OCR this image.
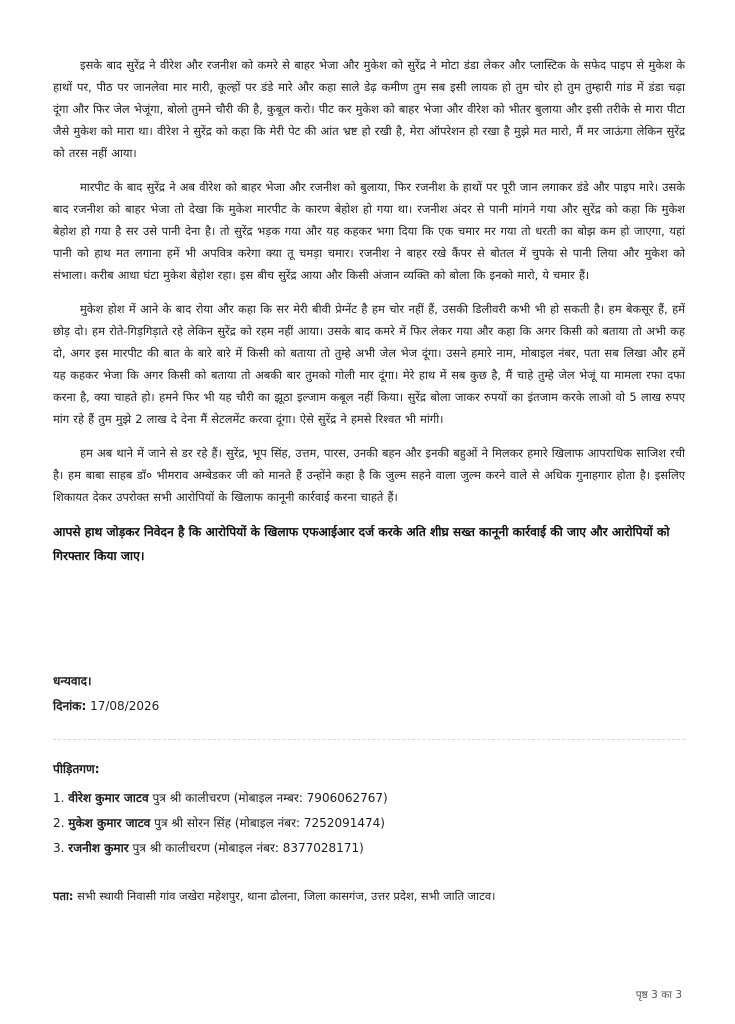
इसके बाद सुरेंद्र ने वीरेश और रजनीश को कमरे से बाहर भेजा और मुकेश को सुरेंद्र ने मोटा डंडा लेकर और प्लास्टिक के सफेद पाइप से मुकेश के हाथों पर, पीठ पर जानलेवा मार मारी, कूल्हों पर डंडे मारे और कहा साले डेढ़ कमीण तुम सब इसी लायक हो तुम चोर हो तुम तुम्हारी गांड में डंडा चढ़ा दूंगा और फिर जेल भेजूंगा, बोलो तुमने चौरी की है, कुबूल करो। पीट कर मुकेश को बाहर भेजा और वीरेश को भीतर बुलाया और इसी तरीके से मारा पीटा जैसे मुकेश को मारा था। वीरेश ने सुरेंद्र को कहा कि मेरी पेट की आंत भ्रष्ट हो रखी है, मेरा ऑपरेशन हो रखा है मुझे मत मारो, मैं मर जाऊंगा लेकिन सुरेंद्र को तरस नहीं आया।

मारपीट के बाद सुरेंद्र ने अब वीरेश को बाहर भेजा और रजनीश को बुलाया, फिर रजनीश के हाथों पर पूरी जान लगाकर डंडे और पाइप मारे। उसके बाद रजनीश को बाहर भेजा तो देखा कि मुकेश मारपीट के कारण बेहोश हो गया था। रजनीश अंदर से पानी मांगने गया और सुरेंद्र को कहा कि मुकेश बेहोश हो गया है सर उसे पानी देना है। तो सुरेंद्र भड़क गया और यह कहकर भगा दिया कि एक चमार मर गया तो धरती का बोझ कम हो जाएगा, यहां पानी को हाथ मत लगाना हमें भी अपवित्र करेगा क्या तू चमड़ा चमार। रजनीश ने बाहर रखे कैंपर से बोतल में चुपके से पानी लिया और मुकेश को संभाला। करीब आधा घंटा मुकेश बेहोश रहा। इस बीच सुरेंद्र आया और किसी अंजान व्यक्ति को बोला कि इनको मारो, ये चमार हैं।

मुकेश होश में आने के बाद रोया और कहा कि सर मेरी बीवी प्रेग्नेंट है हम चोर नहीं हैं, उसकी डिलीवरी कभी भी हो सकती है। हम बेकसूर हैं, हमें छोड़ दो। हम रोते-गिड़गिड़ाते रहे लेकिन सुरेंद्र को रहम नहीं आया। उसके बाद कमरे में फिर लेकर गया और कहा कि अगर किसी को बताया तो अभी कह दो, अगर इस मारपीट की बात के बारे बारे में किसी को बताया तो तुम्हे अभी जेल भेज दूंगा। उसने हमारे नाम, मोबाइल नंबर, पता सब लिखा और हमें यह कहकर भेजा कि अगर किसी को बताया तो अबकी बार तुमको गोली मार दूंगा। मेरे हाथ में सब कुछ है, मैं चाहे तुम्हे जेल भेजूं या मामला रफा दफा करना है, क्या चाहते हो। हमने फिर भी यह चौरी का झूठा इल्जाम कबूल नहीं किया। सुरेंद्र बोला जाकर रुपयों का इंतजाम करके लाओ वो 5 लाख रुपए मांग रहे हैं तुम मुझे 2 लाख दे देना मैं सेटलमेंट करवा दूंगा। ऐसे सुरेंद्र ने हमसे रिश्वत भी मांगी।

हम अब थाने में जाने से डर रहे हैं। सुरेंद्र, भूप सिंह, उत्तम, पारस, उनकी बहन और इनकी बहुओं ने मिलकर हमारे खिलाफ आपराधिक साजिश रची है। हम बाबा साहब डॉ० भीमराव अम्बेडकर जी को मानते हैं उन्होंने कहा है कि जुल्म सहने वाला जुल्म करने वाले से अधिक गुनाहगार होता है। इसलिए शिकायत देकर उपरोक्त सभी आरोपियों के खिलाफ कानूनी कार्रवाई करना चाहते हैं।

आपसे हाथ जोड़कर निवेदन है कि आरोपियों के खिलाफ एफआईआर दर्ज करके अति शीघ्र सख्त कानूनी कार्रवाई की जाए और आरोपियों को गिरफ्तार किया जाए।

धन्यवाद।

दिनांक: 17/08/2026

पीड़ितगण:

1. वीरेश कुमार जाटव पुत्र श्री कालीचरण (मोबाइल नम्बर: 7906062767)
2. मुकेश कुमार जाटव पुत्र श्री सोरन सिंह (मोबाइल नंबर: 7252091474)
3. रजनीश कुमार पुत्र श्री कालीचरण (मोबाइल नंबर: 8377028171)

पता: सभी स्थायी निवासी गांव जखेरा महेशपुर, थाना ढोलना, जिला कासगंज, उत्तर प्रदेश, सभी जाति जाटव।

पृष्ठ 3 का 3
